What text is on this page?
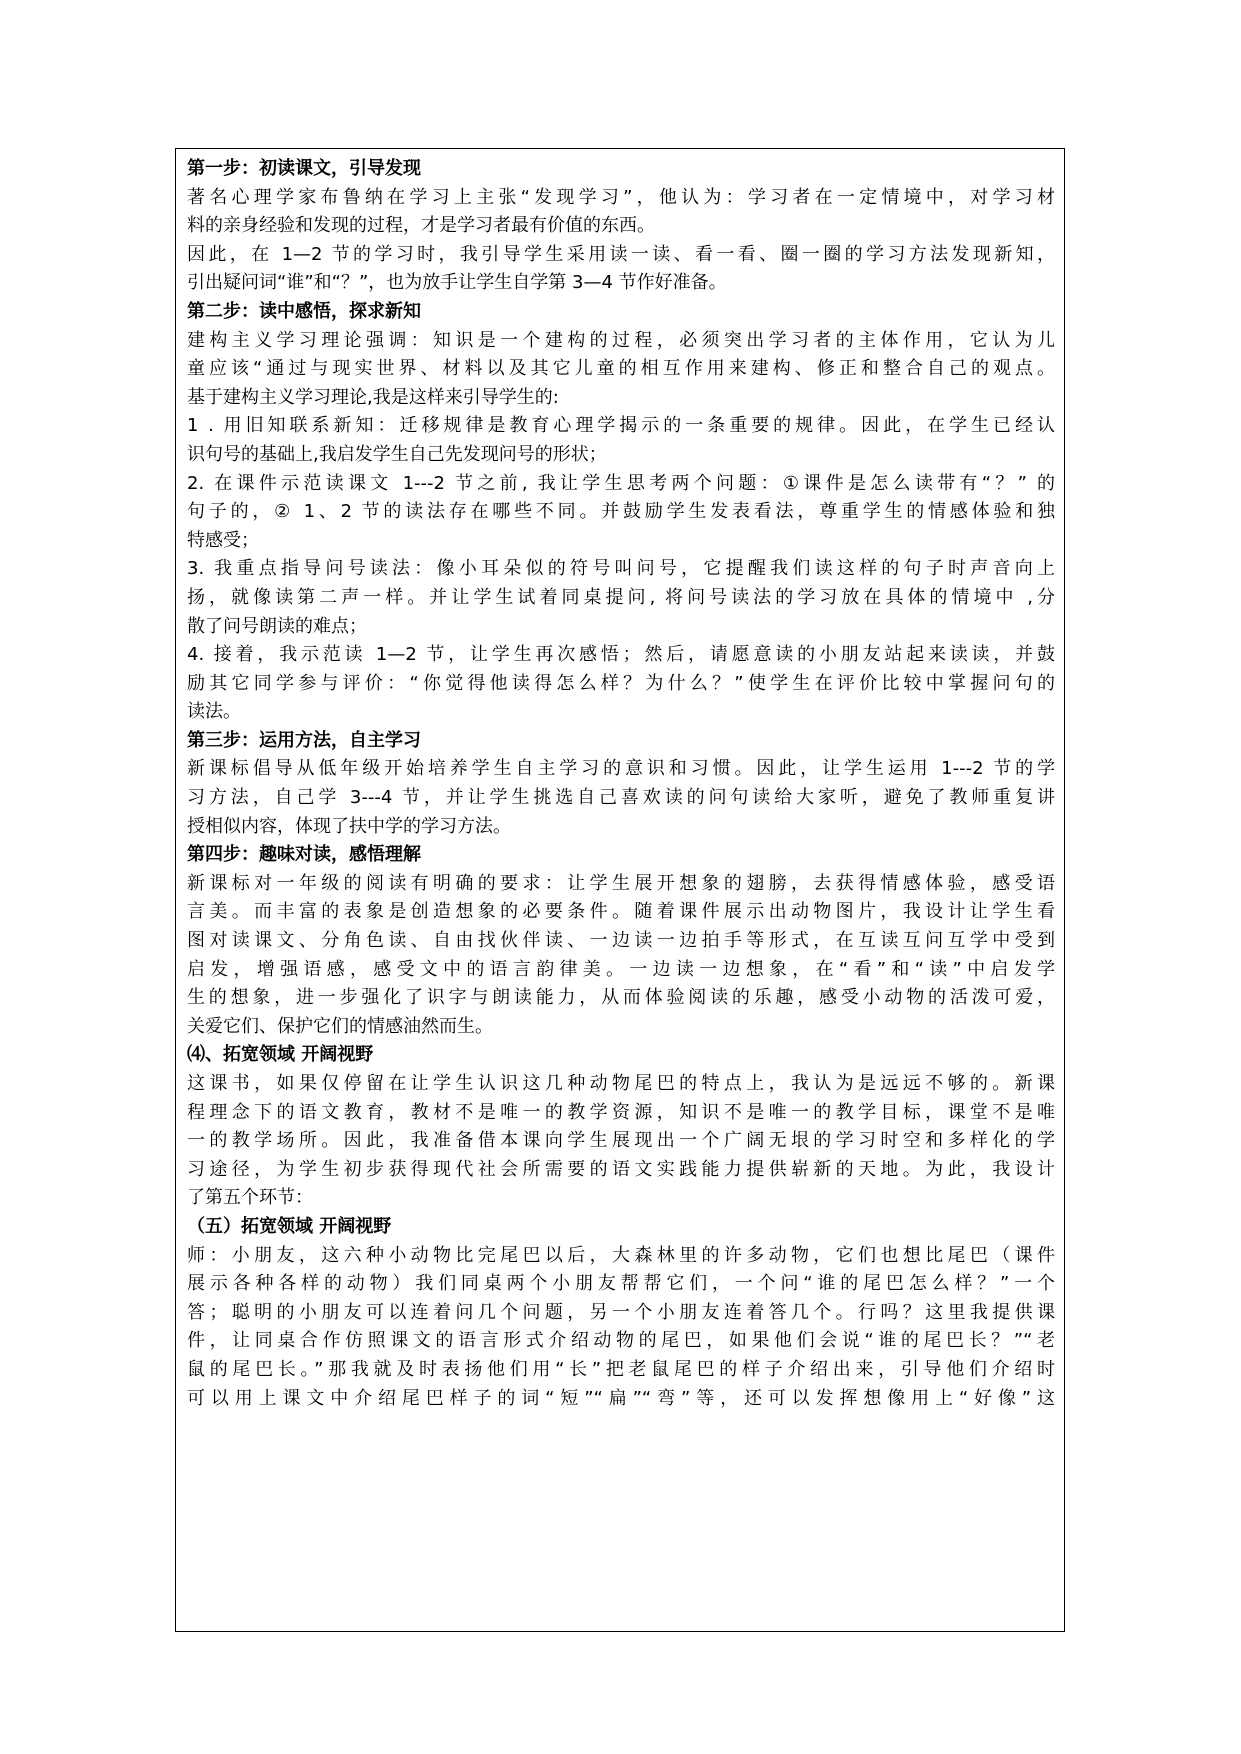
第一步：初读课文，引导发现
著名心理学家布鲁纳在学习上主张“发现学习”，他认为：学习者在一定情境中，对学习材
料的亲身经验和发现的过程，才是学习者最有价值的东西。
因此，在 1—2 节的学习时，我引导学生采用读一读、看一看、圈一圈的学习方法发现新知，
引出疑问词“谁”和“？”，也为放手让学生自学第 3—4 节作好准备。
第二步：读中感悟，探求新知
建构主义学习理论强调：知识是一个建构的过程，必须突出学习者的主体作用，它认为儿
童应该“通过与现实世界、材料以及其它儿童的相互作用来建构、修正和整合自己的观点。
基于建构主义学习理论,我是这样来引导学生的:
1 . 用旧知联系新知：迁移规律是教育心理学揭示的一条重要的规律。因此，在学生已经认
识句号的基础上,我启发学生自己先发现问号的形状；
2. 在课件示范读课文 1---2 节之前, 我让学生思考两个问题：①课件是怎么读带有“？” 的
句子的，② 1、2 节的读法存在哪些不同。并鼓励学生发表看法，尊重学生的情感体验和独
特感受；
3. 我重点指导问号读法：像小耳朵似的符号叫问号，它提醒我们读这样的句子时声音向上
扬，就像读第二声一样。并让学生试着同桌提问, 将问号读法的学习放在具体的情境中 ,分
散了问号朗读的难点；
4. 接着，我示范读 1—2 节，让学生再次感悟；然后，请愿意读的小朋友站起来读读，并鼓
励其它同学参与评价：“你觉得他读得怎么样？为什么？”使学生在评价比较中掌握问句的
读法。
第三步：运用方法，自主学习
新课标倡导从低年级开始培养学生自主学习的意识和习惯。因此，让学生运用 1---2 节的学
习方法，自己学 3---4 节，并让学生挑选自己喜欢读的问句读给大家听，避免了教师重复讲
授相似内容，体现了扶中学的学习方法。
第四步：趣味对读，感悟理解
新课标对一年级的阅读有明确的要求：让学生展开想象的翅膀，去获得情感体验，感受语
言美。而丰富的表象是创造想象的必要条件。随着课件展示出动物图片，我设计让学生看
图对读课文、分角色读、自由找伙伴读、一边读一边拍手等形式，在互读互问互学中受到
启发，增强语感，感受文中的语言韵律美。一边读一边想象，在“看”和“读”中启发学
生的想象，进一步强化了识字与朗读能力，从而体验阅读的乐趣，感受小动物的活泼可爱，
关爱它们、保护它们的情感油然而生。
⑷、拓宽领域 开阔视野
这课书，如果仅停留在让学生认识这几种动物尾巴的特点上，我认为是远远不够的。新课
程理念下的语文教育，教材不是唯一的教学资源，知识不是唯一的教学目标，课堂不是唯
一的教学场所。因此，我准备借本课向学生展现出一个广阔无垠的学习时空和多样化的学
习途径，为学生初步获得现代社会所需要的语文实践能力提供崭新的天地。为此，我设计
了第五个环节：
（五）拓宽领域 开阔视野
师：小朋友，这六种小动物比完尾巴以后，大森林里的许多动物，它们也想比尾巴（课件
展示各种各样的动物）我们同桌两个小朋友帮帮它们，一个问“谁的尾巴怎么样？”一个
答；聪明的小朋友可以连着问几个问题，另一个小朋友连着答几个。行吗？这里我提供课
件，让同桌合作仿照课文的语言形式介绍动物的尾巴，如果他们会说“谁的尾巴长？”“老
鼠的尾巴长。”那我就及时表扬他们用“长”把老鼠尾巴的样子介绍出来，引导他们介绍时
可以用上课文中介绍尾巴样子的词“短”“扁”“弯”等，还可以发挥想像用上“好像”这
